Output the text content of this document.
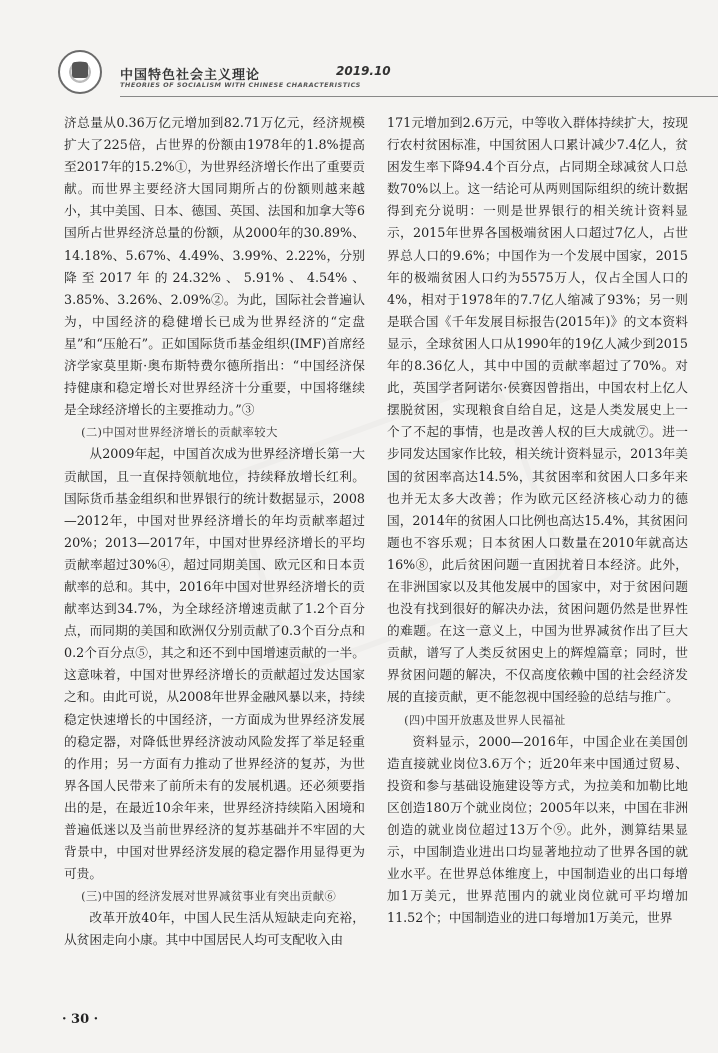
中国特色社会主义理论	2019.10
THEORIES OF SOCIALISM WITH CHINESE CHARACTERISTICS

济总量从0.36万亿元增加到82.71万亿元，经济规模扩大了225倍，占世界的份额由1978年的1.8%提高至2017年的15.2%①，为世界经济增长作出了重要贡献。而世界主要经济大国同期所占的份额则越来越小，其中美国、日本、德国、英国、法国和加拿大等6国所占世界经济总量的份额，从2000年的30.89%、14.18%、5.67%、4.49%、3.99%、2.22%，分别降至2017年的24.32%、5.91%、4.54%、3.85%、3.26%、2.09%②。为此，国际社会普遍认为，中国经济的稳健增长已成为世界经济的“定盘星”和“压舱石”。正如国际货币基金组织(IMF)首席经济学家莫里斯·奥布斯特费尔德所指出：“中国经济保持健康和稳定增长对世界经济十分重要，中国将继续是全球经济增长的主要推动力。”③

(二)中国对世界经济增长的贡献率较大

从2009年起，中国首次成为世界经济增长第一大贡献国，且一直保持领航地位，持续释放增长红利。国际货币基金组织和世界银行的统计数据显示，2008—2012年，中国对世界经济增长的年均贡献率超过20%；2013—2017年，中国对世界经济增长的平均贡献率超过30%④，超过同期美国、欧元区和日本贡献率的总和。其中，2016年中国对世界经济增长的贡献率达到34.7%，为全球经济增速贡献了1.2个百分点，而同期的美国和欧洲仅分别贡献了0.3个百分点和0.2个百分点⑤，其之和还不到中国增速贡献的一半。这意味着，中国对世界经济增长的贡献超过发达国家之和。由此可说，从2008年世界金融风暴以来，持续稳定快速增长的中国经济，一方面成为世界经济发展的稳定器，对降低世界经济波动风险发挥了举足轻重的作用；另一方面有力推动了世界经济的复苏，为世界各国人民带来了前所未有的发展机遇。还必须要指出的是，在最近10余年来，世界经济持续陷入困境和普遍低迷以及当前世界经济的复苏基础并不牢固的大背景中，中国对世界经济发展的稳定器作用显得更为可贵。

(三)中国的经济发展对世界减贫事业有突出贡献⑥

改革开放40年，中国人民生活从短缺走向充裕，从贫困走向小康。其中中国居民人均可支配收入由

171元增加到2.6万元，中等收入群体持续扩大，按现行农村贫困标准，中国贫困人口累计减少7.4亿人，贫困发生率下降94.4个百分点，占同期全球减贫人口总数70%以上。这一结论可从两则国际组织的统计数据得到充分说明：一则是世界银行的相关统计资料显示，2015年世界各国极端贫困人口超过7亿人，占世界总人口的9.6%；中国作为一个发展中国家，2015年的极端贫困人口约为5575万人，仅占全国人口的4%，相对于1978年的7.7亿人缩减了93%；另一则是联合国《千年发展目标报告(2015年)》的文本资料显示，全球贫困人口从1990年的19亿人减少到2015年的8.36亿人，其中中国的贡献率超过了70%。对此，英国学者阿诺尔·侯赛因曾指出，中国农村上亿人摆脱贫困，实现粮食自给自足，这是人类发展史上一个了不起的事情，也是改善人权的巨大成就⑦。进一步同发达国家作比较，相关统计资料显示，2013年美国的贫困率高达14.5%，其贫困率和贫困人口多年来也并无太多大改善；作为欧元区经济核心动力的德国，2014年的贫困人口比例也高达15.4%，其贫困问题也不容乐观；日本贫困人口数量在2010年就高达16%⑧，此后贫困问题一直困扰着日本经济。此外，在非洲国家以及其他发展中的国家中，对于贫困问题也没有找到很好的解决办法，贫困问题仍然是世界性的难题。在这一意义上，中国为世界减贫作出了巨大贡献，谱写了人类反贫困史上的辉煌篇章；同时，世界贫困问题的解决，不仅高度依赖中国的社会经济发展的直接贡献，更不能忽视中国经验的总结与推广。

(四)中国开放惠及世界人民福祉

资料显示，2000—2016年，中国企业在美国创造直接就业岗位3.6万个；近20年来中国通过贸易、投资和参与基础设施建设等方式，为拉美和加勒比地区创造180万个就业岗位；2005年以来，中国在非洲创造的就业岗位超过13万个⑨。此外，测算结果显示，中国制造业进出口均显著地拉动了世界各国的就业水平。在世界总体维度上，中国制造业的出口每增加1万美元，世界范围内的就业岗位就可平均增加11.52个；中国制造业的进口每增加1万美元，世界

· 30 ·
